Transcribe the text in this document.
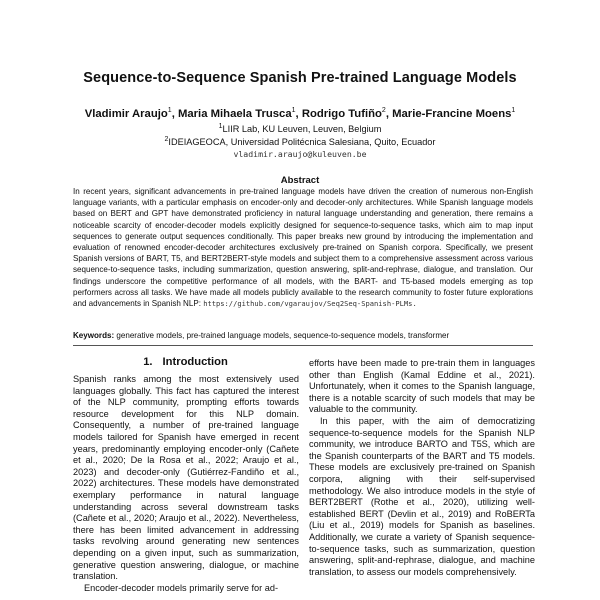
Sequence-to-Sequence Spanish Pre-trained Language Models
Vladimir Araujo$^1$, Maria Mihaela Trusca$^1$, Rodrigo Tufiño$^2$, Marie-Francine Moens$^1$
$^1$LIIR Lab, KU Leuven, Leuven, Belgium
$^2$IDEIAGEOCA, Universidad Politécnica Salesiana, Quito, Ecuador
vladimir.araujo@kuleuven.be
Abstract

In recent years, significant advancements in pre-trained language models have driven the creation of numerous non-English language variants, with a particular emphasis on encoder-only and decoder-only architectures. While Spanish language models based on BERT and GPT have demonstrated proficiency in natural language understanding and generation, there remains a noticeable scarcity of encoder-decoder models explicitly designed for sequence-to-sequence tasks, which aim to map input sequences to generate output sequences conditionally. This paper breaks new ground by introducing the implementation and evaluation of renowned encoder-decoder architectures exclusively pre-trained on Spanish corpora. Specifically, we present Spanish versions of BART, T5, and BERT2BERT-style models and subject them to a comprehensive assessment across various sequence-to-sequence tasks, including summarization, question answering, split-and-rephrase, dialogue, and translation. Our findings underscore the competitive performance of all models, with the BART- and T5-based models emerging as top performers across all tasks. We have made all models publicly available to the research community to foster future explorations and advancements in Spanish NLP: https://github.com/vgaraujov/Seq2Seq-Spanish-PLMs.

Keywords: generative models, pre-trained language models, sequence-to-sequence models, transformer
1. Introduction

Spanish ranks among the most extensively used languages globally. This fact has captured the interest of the NLP community, prompting efforts towards resource development for this NLP domain. Consequently, a number of pre-trained language models tailored for Spanish have emerged in recent years, predominantly employing encoder-only (Cañete et al., 2020; De la Rosa et al., 2022; Araujo et al., 2023) and decoder-only (Gutiérrez-Fandiño et al., 2022) architectures. These models have demonstrated exemplary performance in natural language understanding across several downstream tasks (Cañete et al., 2020; Araujo et al., 2022). Nevertheless, there has been limited advancement in addressing tasks revolving around generating new sentences depending on a given input, such as summarization, generative question answering, dialogue, or machine translation.

Encoder-decoder models primarily serve for ad-

efforts have been made to pre-train them in languages other than English (Kamal Eddine et al., 2021). Unfortunately, when it comes to the Spanish language, there is a notable scarcity of such models that may be valuable to the community.

In this paper, with the aim of democratizing sequence-to-sequence models for the Spanish NLP community, we introduce BARTO and T5S, which are the Spanish counterparts of the BART and T5 models. These models are exclusively pre-trained on Spanish corpora, aligning with their self-supervised methodology. We also introduce models in the style of BERT2BERT (Rothe et al., 2020), utilizing well-established BERT (Devlin et al., 2019) and RoBERTa (Liu et al., 2019) models for Spanish as baselines. Additionally, we curate a variety of Spanish sequence-to-sequence tasks, such as summarization, question answering, split-and-rephrase, dialogue, and machine translation, to assess our models comprehensively.
